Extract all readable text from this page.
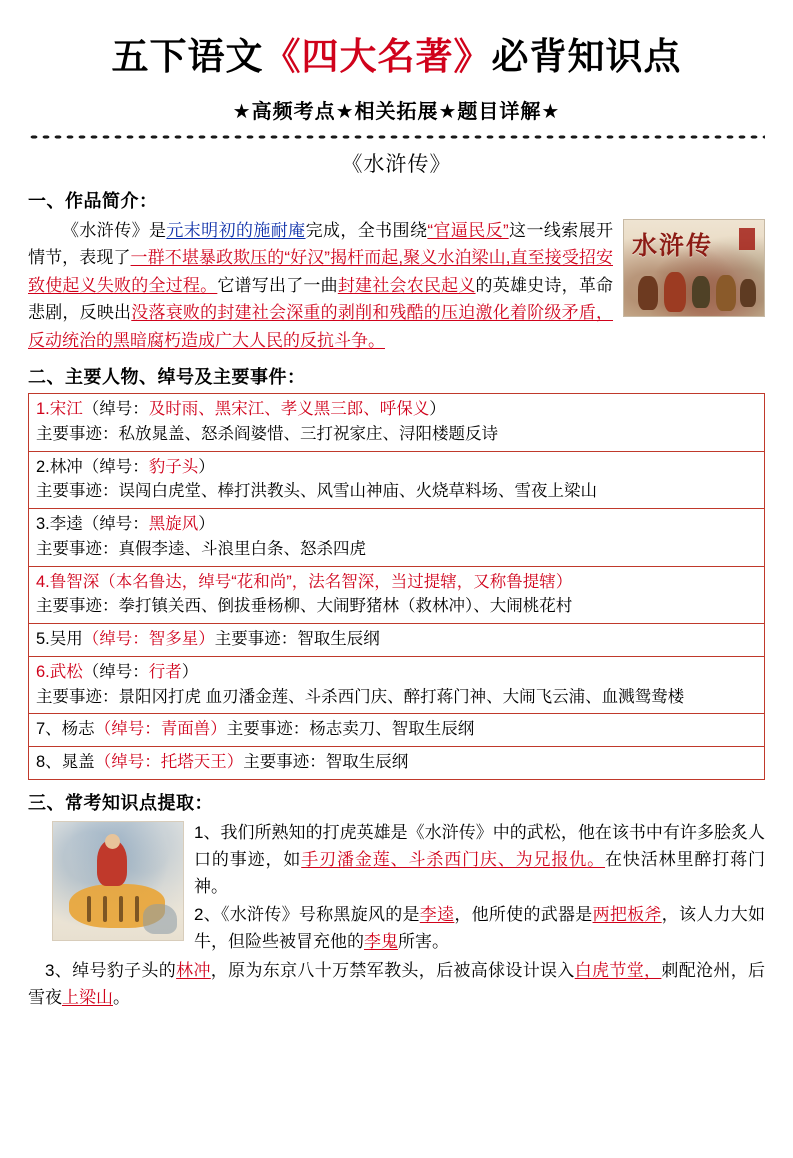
五下语文《四大名著》必背知识点
★高频考点★相关拓展★题目详解★
《水浒传》
一、作品简介：
水浒传

《水浒传》是元末明初的施耐庵完成，全书围绕“官逼民反”这一线索展开情节，表现了一群不堪暴政欺压的“好汉”揭杆而起,聚义水泊梁山,直至接受招安致使起义失败的全过程。它谱写出了一曲封建社会农民起义的英雄史诗，革命悲剧，反映出没落衰败的封建社会深重的剥削和残酷的压迫激化着阶级矛盾，反动统治的黑暗腐朽造成广大人民的反抗斗争。

二、主要人物、绰号及主要事件：
1.宋江（绰号：及时雨、黑宋江、孝义黑三郎、呼保义）
主要事迹：私放晁盖、怒杀阎婆惜、三打祝家庄、浔阳楼题反诗

2.林冲（绰号：豹子头）
主要事迹：误闯白虎堂、棒打洪教头、风雪山神庙、火烧草料场、雪夜上梁山

3.李逵（绰号：黑旋风）
主要事迹：真假李逵、斗浪里白条、怒杀四虎

4.鲁智深（本名鲁达，绰号“花和尚”，法名智深，当过提辖，又称鲁提辖）
主要事迹：拳打镇关西、倒拔垂杨柳、大闹野猪林（救林冲）、大闹桃花村

5.吴用（绰号：智多星）主要事迹：智取生辰纲

6.武松（绰号：行者）
主要事迹：景阳冈打虎 血刃潘金莲、斗杀西门庆、醉打蒋门神、大闹飞云浦、血溅鸳鸯楼

7、杨志（绰号：青面兽）主要事迹：杨志卖刀、智取生辰纲

8、晁盖（绰号：托塔天王）主要事迹：智取生辰纲
三、常考知识点提取：

1、我们所熟知的打虎英雄是《水浒传》中的武松，他在该书中有许多脍炙人口的事迹，如手刃潘金莲、斗杀西门庆、为兄报仇。在快活林里醉打蒋门神。

2、《水浒传》号称黑旋风的是李逵，他所使的武器是两把板斧，该人力大如牛，但险些被冒充他的李鬼所害。

3、绰号豹子头的林冲，原为东京八十万禁军教头，后被高俅设计误入白虎节堂，刺配沧州，后雪夜上梁山。
